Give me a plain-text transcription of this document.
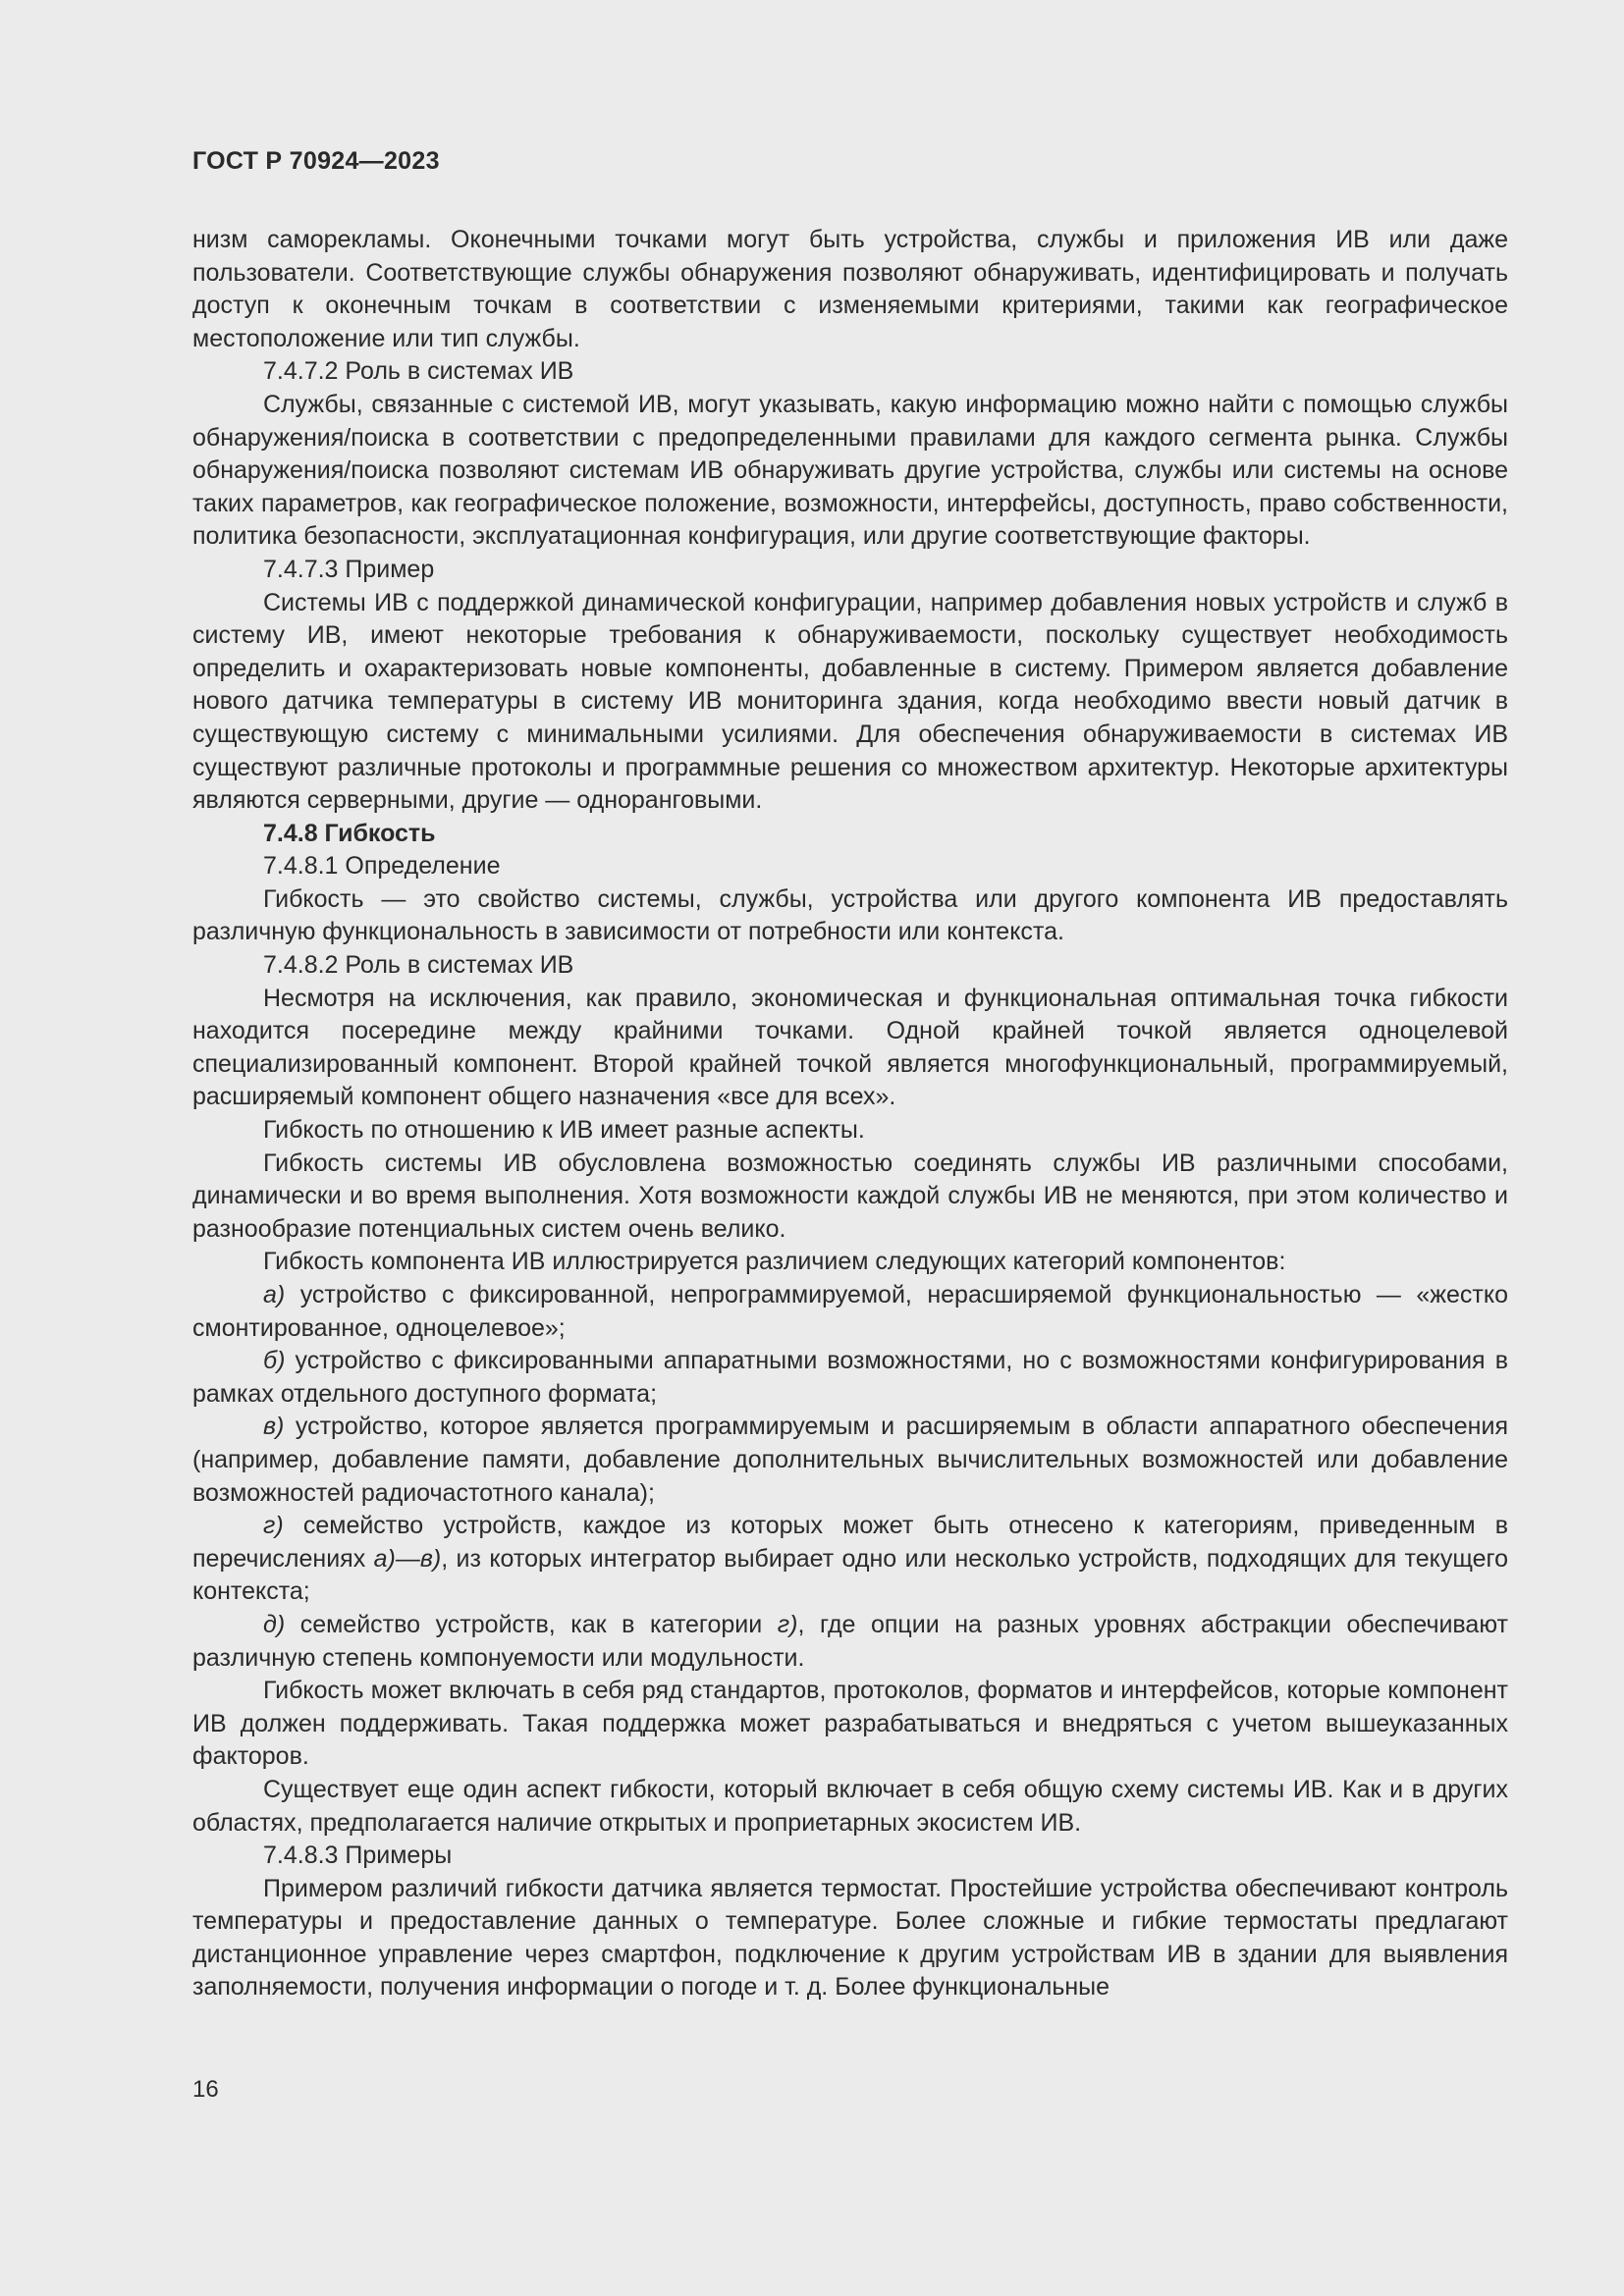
ГОСТ Р 70924—2023

низм саморекламы. Оконечными точками могут быть устройства, службы и приложения ИВ или даже пользователи. Соответствующие службы обнаружения позволяют обнаруживать, идентифицировать и получать доступ к оконечным точкам в соответствии с изменяемыми критериями, такими как географическое местоположение или тип службы.

7.4.7.2 Роль в системах ИВ

Службы, связанные с системой ИВ, могут указывать, какую информацию можно найти с помощью службы обнаружения/поиска в соответствии с предопределенными правилами для каждого сегмента рынка. Службы обнаружения/поиска позволяют системам ИВ обнаруживать другие устройства, службы или системы на основе таких параметров, как географическое положение, возможности, интерфейсы, доступность, право собственности, политика безопасности, эксплуатационная конфигурация, или другие соответствующие факторы.

7.4.7.3 Пример

Системы ИВ с поддержкой динамической конфигурации, например добавления новых устройств и служб в систему ИВ, имеют некоторые требования к обнаруживаемости, поскольку существует необходимость определить и охарактеризовать новые компоненты, добавленные в систему. Примером является добавление нового датчика температуры в систему ИВ мониторинга здания, когда необходимо ввести новый датчик в существующую систему с минимальными усилиями. Для обеспечения обнаруживаемости в системах ИВ существуют различные протоколы и программные решения со множеством архитектур. Некоторые архитектуры являются серверными, другие — одноранговыми.

7.4.8 Гибкость

7.4.8.1 Определение

Гибкость — это свойство системы, службы, устройства или другого компонента ИВ предоставлять различную функциональность в зависимости от потребности или контекста.

7.4.8.2 Роль в системах ИВ

Несмотря на исключения, как правило, экономическая и функциональная оптимальная точка гибкости находится посередине между крайними точками. Одной крайней точкой является одноцелевой специализированный компонент. Второй крайней точкой является многофункциональный, программируемый, расширяемый компонент общего назначения «все для всех».

Гибкость по отношению к ИВ имеет разные аспекты.

Гибкость системы ИВ обусловлена возможностью соединять службы ИВ различными способами, динамически и во время выполнения. Хотя возможности каждой службы ИВ не меняются, при этом количество и разнообразие потенциальных систем очень велико.

Гибкость компонента ИВ иллюстрируется различием следующих категорий компонентов:

а) устройство с фиксированной, непрограммируемой, нерасширяемой функциональностью — «жестко смонтированное, одноцелевое»;

б) устройство с фиксированными аппаратными возможностями, но с возможностями конфигурирования в рамках отдельного доступного формата;

в) устройство, которое является программируемым и расширяемым в области аппаратного обеспечения (например, добавление памяти, добавление дополнительных вычислительных возможностей или добавление возможностей радиочастотного канала);

г) семейство устройств, каждое из которых может быть отнесено к категориям, приведенным в перечислениях а)—в), из которых интегратор выбирает одно или несколько устройств, подходящих для текущего контекста;

д) семейство устройств, как в категории г), где опции на разных уровнях абстракции обеспечивают различную степень компонуемости или модульности.

Гибкость может включать в себя ряд стандартов, протоколов, форматов и интерфейсов, которые компонент ИВ должен поддерживать. Такая поддержка может разрабатываться и внедряться с учетом вышеуказанных факторов.

Существует еще один аспект гибкости, который включает в себя общую схему системы ИВ. Как и в других областях, предполагается наличие открытых и проприетарных экосистем ИВ.

7.4.8.3 Примеры

Примером различий гибкости датчика является термостат. Простейшие устройства обеспечивают контроль температуры и предоставление данных о температуре. Более сложные и гибкие термостаты предлагают дистанционное управление через смартфон, подключение к другим устройствам ИВ в здании для выявления заполняемости, получения информации о погоде и т. д. Более функциональные

16
